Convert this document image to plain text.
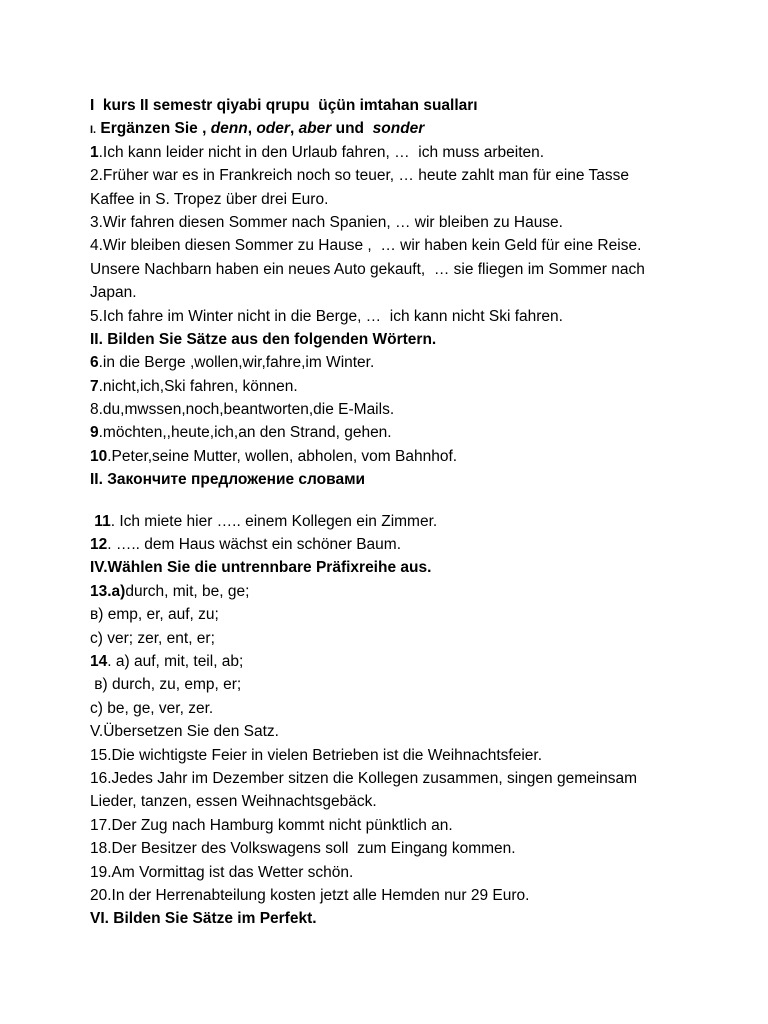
I  kurs II semestr qiyabi qrupu  üçün imtahan sualları
I. Ergänzen Sie , denn, oder, aber und  sonder
1.Ich kann leider nicht in den Urlaub fahren, …  ich muss arbeiten.
2.Früher war es in Frankreich noch so teuer, … heute zahlt man für eine Tasse
Kaffee in S. Tropez über drei Euro.
3.Wir fahren diesen Sommer nach Spanien, … wir bleiben zu Hause.
4.Wir bleiben diesen Sommer zu Hause ,  … wir haben kein Geld für eine Reise.
Unsere Nachbarn haben ein neues Auto gekauft,  … sie fliegen im Sommer nach
Japan.
5.Ich fahre im Winter nicht in die Berge, …  ich kann nicht Ski fahren.
II. Bilden Sie Sätze aus den folgenden Wörtern.
6.in die Berge ,wollen,wir,fahre,im Winter.
7.nicht,ich,Ski fahren, können.
8.du,mwssen,noch,beantworten,die E-Mails.
9.möchten,,heute,ich,an den Strand, gehen.
10.Peter,seine Mutter, wollen, abholen, vom Bahnhof.
II. Закончите предложение словами
11. Ich miete hier ….. einem Kollegen ein Zimmer.
12. ….. dem Haus wächst ein schöner Baum.
IV.Wählen Sie die untrennbare Präfixreihe aus.
13.a)durch, mit, be, ge;
в) emp, er, auf, zu;
c) ver; zer, ent, er;
14. a) auf, mit, teil, ab;
в) durch, zu, emp, er;
c) be, ge, ver, zer.
V.Übersetzen Sie den Satz.
15.Die wichtigste Feier in vielen Betrieben ist die Weihnachtsfeier.
16.Jedes Jahr im Dezember sitzen die Kollegen zusammen, singen gemeinsam
Lieder, tanzen, essen Weihnachtsgebäck.
17.Der Zug nach Hamburg kommt nicht pünktlich an.
18.Der Besitzer des Volkswagens soll  zum Eingang kommen.
19.Am Vormittag ist das Wetter schön.
20.In der Herrenabteilung kosten jetzt alle Hemden nur 29 Euro.
VI. Bilden Sie Sätze im Perfekt.
